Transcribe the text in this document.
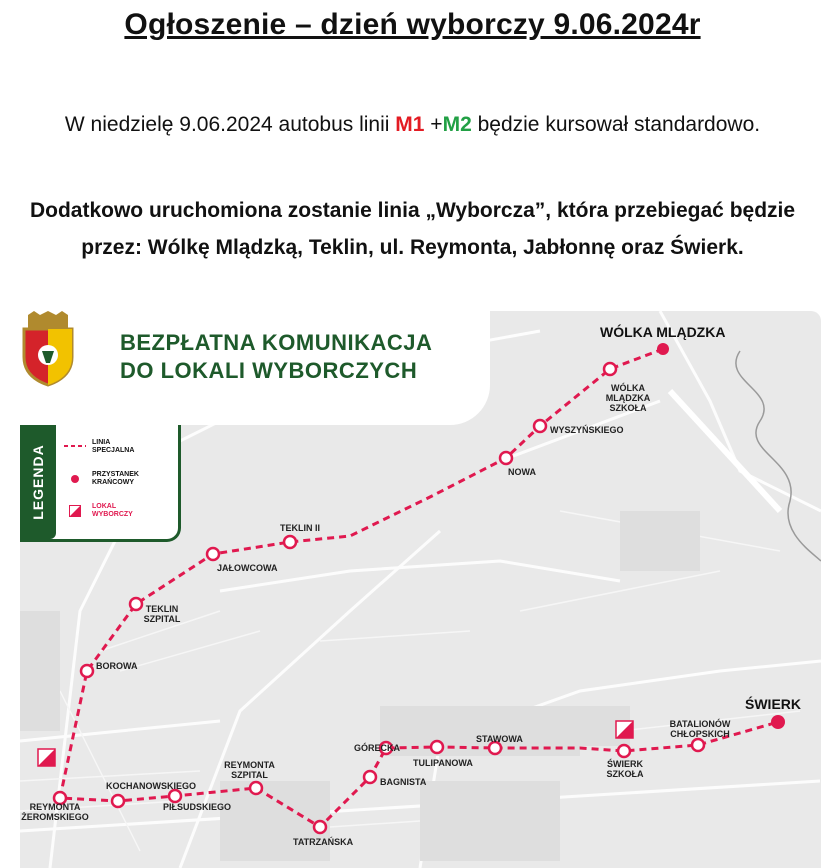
Ogłoszenie – dzień wyborczy 9.06.2024r
W niedzielę 9.06.2024 autobus linii M1 +M2 będzie kursował standardowo.
Dodatkowo uruchomiona zostanie linia „Wyborcza”, która przebiegać będzie przez: Wólkę Mlądzką, Teklin, ul. Reymonta, Jabłonnę oraz Świerk.
BEZPŁATNA KOMUNIKACJA
DO LOKALI WYBORCZYCH
LEGENDA
LINIA SPECJALNA
PRZYSTANEK KRAŃCOWY
LOKAL WYBORCZY
WÓLKA MLĄDZKA
WÓLKA MLĄDZKA SZKOŁA
WYSZYŃSKIEGO
NOWA
TEKLIN II
JAŁOWCOWA
TEKLIN SZPITAL
BOROWA
REYMONTA ŻEROMSKIEGO
KOCHANOWSKIEGO
PIŁSUDSKIEGO
REYMONTA SZPITAL
TATRZAŃSKA
BAGNISTA
GÓRECKA
TULIPANOWA
STAWOWA
ŚWIERK SZKOŁA
BATALIONÓW CHŁOPSKICH
ŚWIERK
